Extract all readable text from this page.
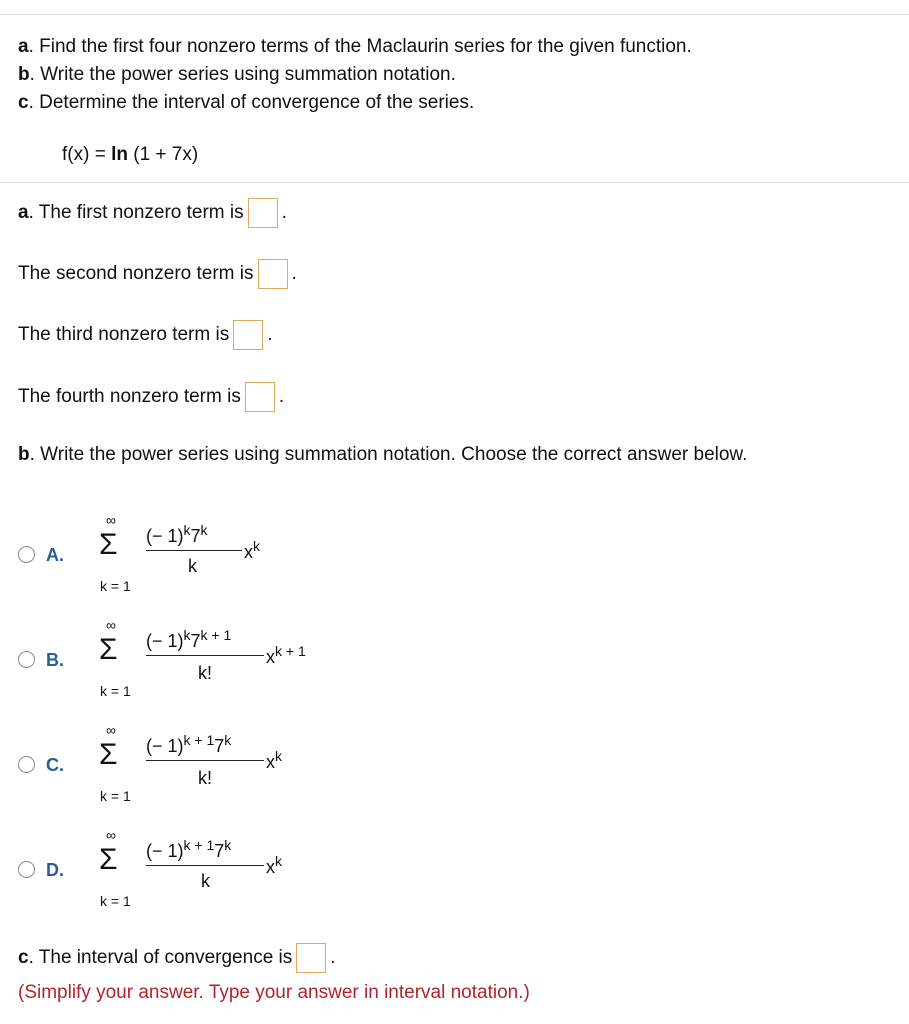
a. Find the first four nonzero terms of the Maclaurin series for the given function.
b. Write the power series using summation notation.
c. Determine the interval of convergence of the series.
f(x) = ln (1 + 7x)
a . The first nonzero term is .
The second nonzero term is .
The third nonzero term is .
The fourth nonzero term is .
b. Write the power series using summation notation. Choose the correct answer below.
A.
∞
Σ
k = 1
(− $1)^k7^k$
k
$x^k$
B.
∞
Σ
k = 1
(− $1)^k7^{k + 1}$
k!
$x^{k + 1}$
C.
∞
Σ
k = 1
(− $1)^{k + 1}7^k$
k!
$x^k$
D.
∞
Σ
k = 1
(− $1)^{k + 1}7^k$
k
$x^k$
c . The interval of convergence is .
(Simplify your answer. Type your answer in interval notation.)
